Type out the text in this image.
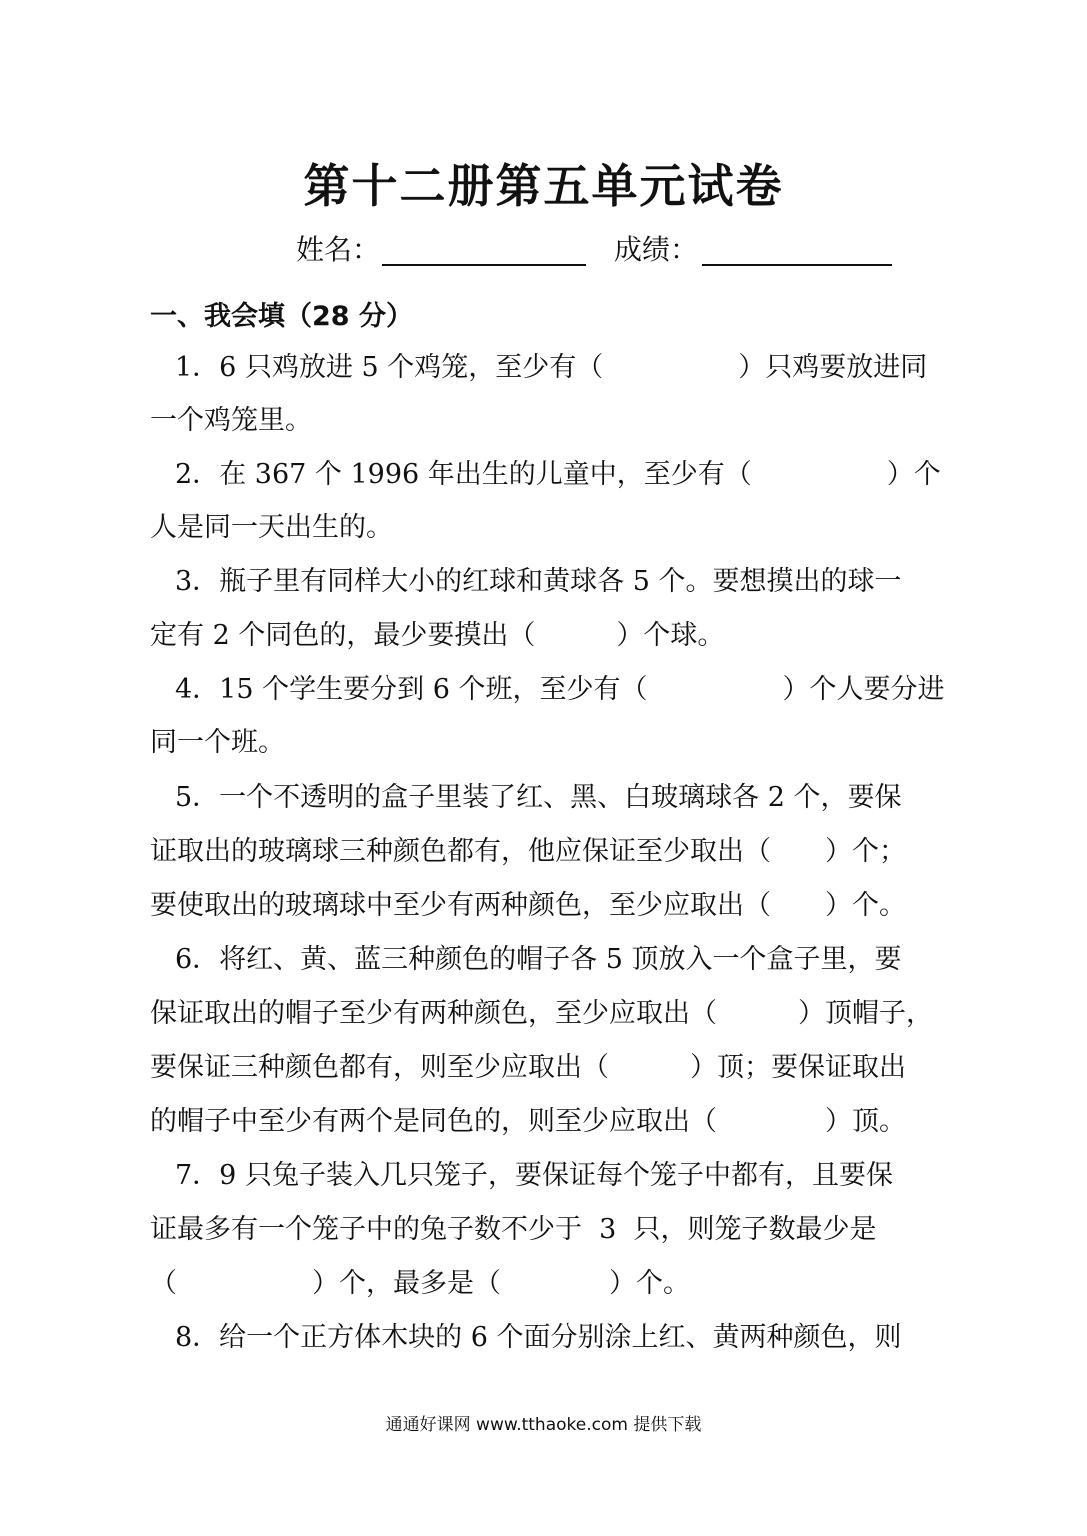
第十二册第五单元试卷
姓名：	成绩：
一、我会填（28 分）
1．6 只鸡放进 5 个鸡笼，至少有（　　　　　）只鸡要放进同
一个鸡笼里。
2．在 367 个 1996 年出生的儿童中，至少有（　　　　　）个
人是同一天出生的。
3．瓶子里有同样大小的红球和黄球各 5 个。要想摸出的球一
定有 2 个同色的，最少要摸出（　　　）个球。
4．15 个学生要分到 6 个班，至少有（　　　　　）个人要分进
同一个班。
5．一个不透明的盒子里装了红、黑、白玻璃球各 2 个，要保
证取出的玻璃球三种颜色都有，他应保证至少取出（　　）个；
要使取出的玻璃球中至少有两种颜色，至少应取出（　　）个。
6．将红、黄、蓝三种颜色的帽子各 5 顶放入一个盒子里，要
保证取出的帽子至少有两种颜色，至少应取出（　　　）顶帽子，
要保证三种颜色都有，则至少应取出（　　　）顶；要保证取出
的帽子中至少有两个是同色的，则至少应取出（　　　　）顶。
7．9 只兔子装入几只笼子，要保证每个笼子中都有，且要保
证最多有一个笼子中的兔子数不少于  3  只，则笼子数最少是
（　　　　　）个，最多是（　　　　）个。
8．给一个正方体木块的 6 个面分别涂上红、黄两种颜色，则
通通好课网 www.tthaoke.com 提供下载
